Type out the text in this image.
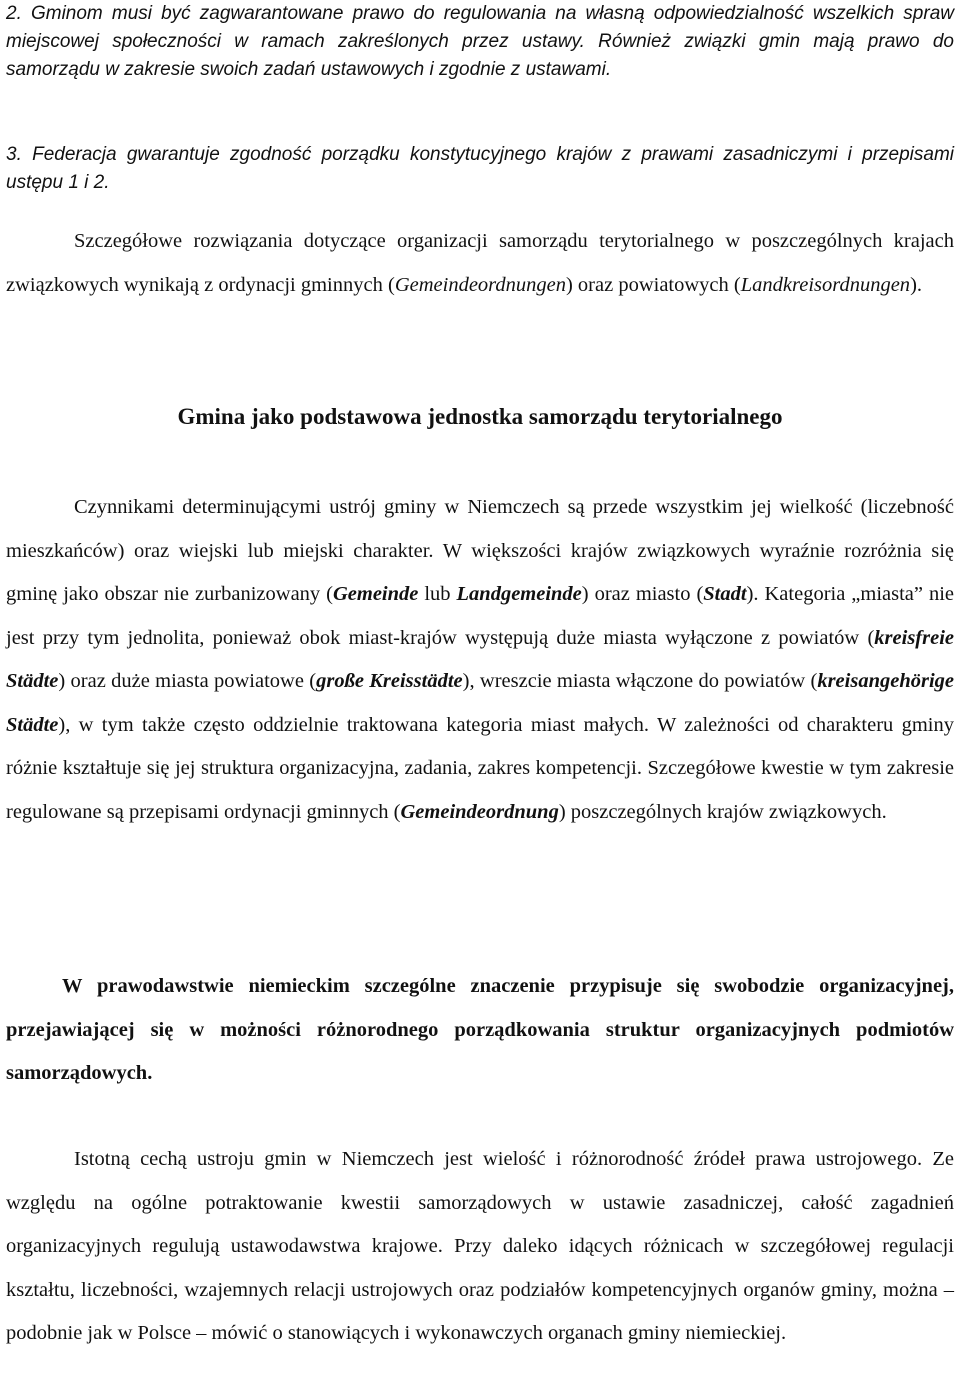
2. Gminom musi być zagwarantowane prawo do regulowania na własną odpowiedzialność wszelkich spraw miejscowej społeczności w ramach zakreślonych przez ustawy. Również związki gmin mają prawo do samorządu w zakresie swoich zadań ustawowych i zgodnie z ustawami.

3. Federacja gwarantuje zgodność porządku konstytucyjnego krajów z prawami zasadniczymi i przepisami ustępu 1 i 2.

Szczegółowe rozwiązania dotyczące organizacji samorządu terytorialnego w poszczególnych krajach związkowych wynikają z ordynacji gminnych (Gemeindeordnungen) oraz powiatowych (Landkreisordnungen).

Gmina jako podstawowa jednostka samorządu terytorialnego

Czynnikami determinującymi ustrój gminy w Niemczech są przede wszystkim jej wielkość (liczebność mieszkańców) oraz wiejski lub miejski charakter. W większości krajów związkowych wyraźnie rozróżnia się gminę jako obszar nie zurbanizowany (Gemeinde lub Landgemeinde) oraz miasto (Stadt). Kategoria „miasta” nie jest przy tym jednolita, ponieważ obok miast-krajów występują duże miasta wyłączone z powiatów (kreisfreie Städte) oraz duże miasta powiatowe (große Kreisstädte), wreszcie miasta włączone do powiatów (kreisangehörige Städte), w tym także często oddzielnie traktowana kategoria miast małych. W zależności od charakteru gminy różnie kształtuje się jej struktura organizacyjna, zadania, zakres kompetencji. Szczegółowe kwestie w tym zakresie regulowane są przepisami ordynacji gminnych (Gemeindeordnung) poszczególnych krajów związkowych.

W prawodawstwie niemieckim szczególne znaczenie przypisuje się swobodzie organizacyjnej, przejawiającej się w możności różnorodnego porządkowania struktur organizacyjnych podmiotów samorządowych.

Istotną cechą ustroju gmin w Niemczech jest wielość i różnorodność źródeł prawa ustrojowego. Ze względu na ogólne potraktowanie kwestii samorządowych w ustawie zasadniczej, całość zagadnień organizacyjnych regulują ustawodawstwa krajowe. Przy daleko idących różnicach w szczegółowej regulacji kształtu, liczebności, wzajemnych relacji ustrojowych oraz podziałów kompetencyjnych organów gminy, można – podobnie jak w Polsce – mówić o stanowiących i wykonawczych organach gminy niemieckiej.
